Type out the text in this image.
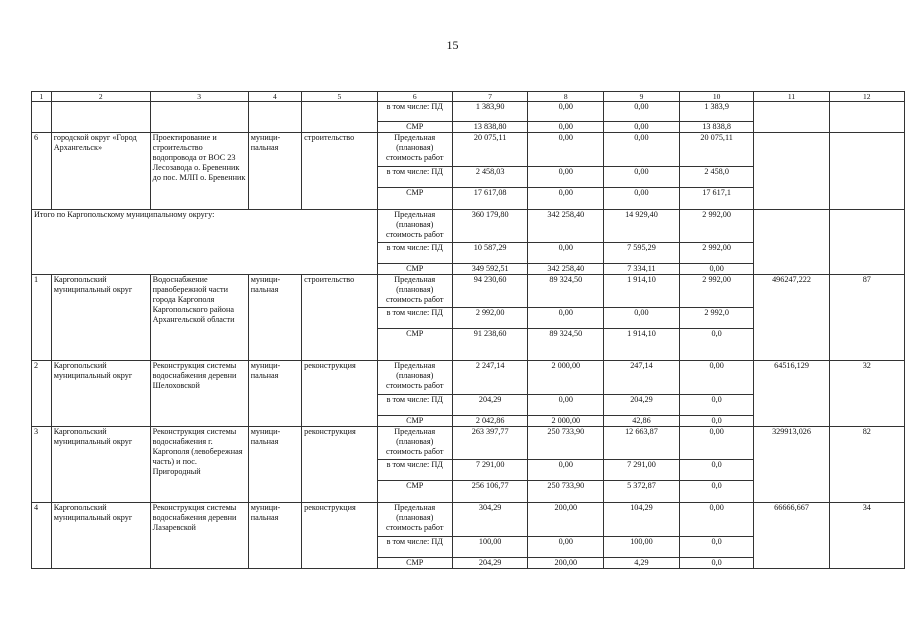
15
1	2	3	4	5	6	7	8	9	10	11	12
					в том числе: ПД	1 383,90	0,00	0,00	1 383,9		
					СМР	13 838,80	0,00	0,00	13 838,8		
6	городской округ «Город Архангельск»	Проектирование и строительство водопровода от ВОС 23 Лесозавода о. Бревенник до пос. МЛП о. Бревенник	муници-пальная	строительство	Предельная (плановая) стоимость работ	20 075,11	0,00	0,00	20 075,11		
					в том числе: ПД	2 458,03	0,00	0,00	2 458,0		
					СМР	17 617,08	0,00	0,00	17 617,1		
Итого по Каргопольскому муниципальному округу:					Предельная (плановая) стоимость работ	360 179,80	342 258,40	14 929,40	2 992,00		
					в том числе: ПД	10 587,29	0,00	7 595,29	2 992,00		
					СМР	349 592,51	342 258,40	7 334,11	0,00		
1	Каргопольский муниципальный округ	Водоснабжение правобережной части города Каргополя Каргопольского района Архангельской области	муници-пальная	строительство	Предельная (плановая) стоимость работ	94 230,60	89 324,50	1 914,10	2 992,00	496247,222	87
					в том числе: ПД	2 992,00	0,00	0,00	2 992,0		
					СМР	91 238,60	89 324,50	1 914,10	0,0		
2	Каргопольский муниципальный округ	Реконструкция системы водоснабжения деревни Шелоховской	муници-пальная	реконструкция	Предельная (плановая) стоимость работ	2 247,14	2 000,00	247,14	0,00	64516,129	32
					в том числе: ПД	204,29	0,00	204,29	0,0		
					СМР	2 042,86	2 000,00	42,86	0,0		
3	Каргопольский муниципальный округ	Реконструкция системы водоснабжения г. Каргополя (левобережная часть) и пос. Пригородный	муници-пальная	реконструкция	Предельная (плановая) стоимость работ	263 397,77	250 733,90	12 663,87	0,00	329913,026	82
					в том числе: ПД	7 291,00	0,00	7 291,00	0,0		
					СМР	256 106,77	250 733,90	5 372,87	0,0		
4	Каргопольский муниципальный округ	Реконструкция системы водоснабжения деревни Лазаревской	муници-пальная	реконструкция	Предельная (плановая) стоимость работ	304,29	200,00	104,29	0,00	66666,667	34
					в том числе: ПД	100,00	0,00	100,00	0,0		
					СМР	204,29	200,00	4,29	0,0		
